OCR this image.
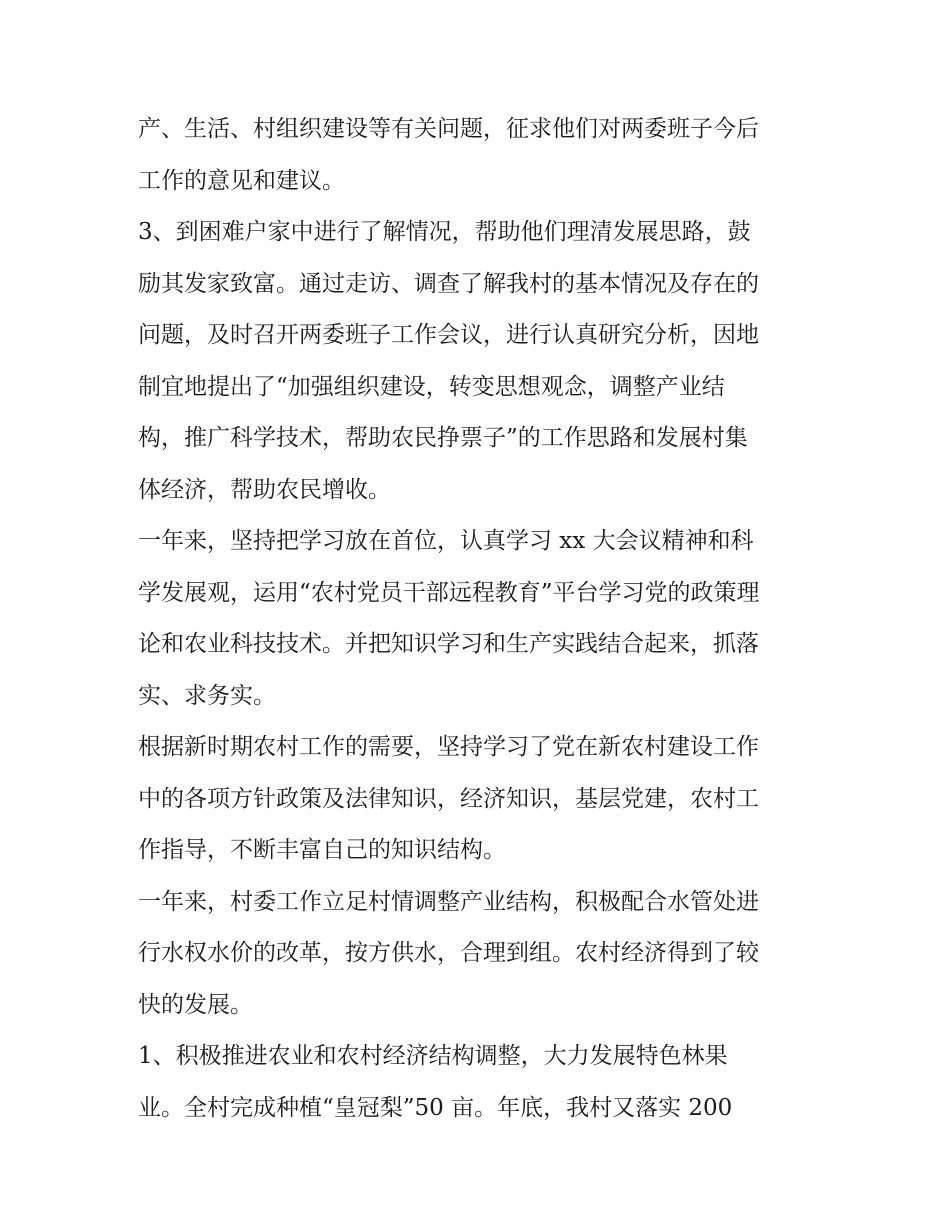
产、生活、村组织建设等有关问题，征求他们对两委班子今后
工作的意见和建议。
3、到困难户家中进行了解情况，帮助他们理清发展思路，鼓
励其发家致富。通过走访、调查了解我村的基本情况及存在的
问题，及时召开两委班子工作会议，进行认真研究分析，因地
制宜地提出了“加强组织建设，转变思想观念，调整产业结
构，推广科学技术，帮助农民挣票子”的工作思路和发展村集
体经济，帮助农民增收。
一年来，坚持把学习放在首位，认真学习 xx 大会议精神和科
学发展观，运用“农村党员干部远程教育”平台学习党的政策理
论和农业科技技术。并把知识学习和生产实践结合起来，抓落
实、求务实。
根据新时期农村工作的需要，坚持学习了党在新农村建设工作
中的各项方针政策及法律知识，经济知识，基层党建，农村工
作指导，不断丰富自己的知识结构。
一年来，村委工作立足村情调整产业结构，积极配合水管处进
行水权水价的改革，按方供水，合理到组。农村经济得到了较
快的发展。
1、积极推进农业和农村经济结构调整，大力发展特色林果
业。全村完成种植“皇冠梨”50 亩。年底，我村又落实 200
